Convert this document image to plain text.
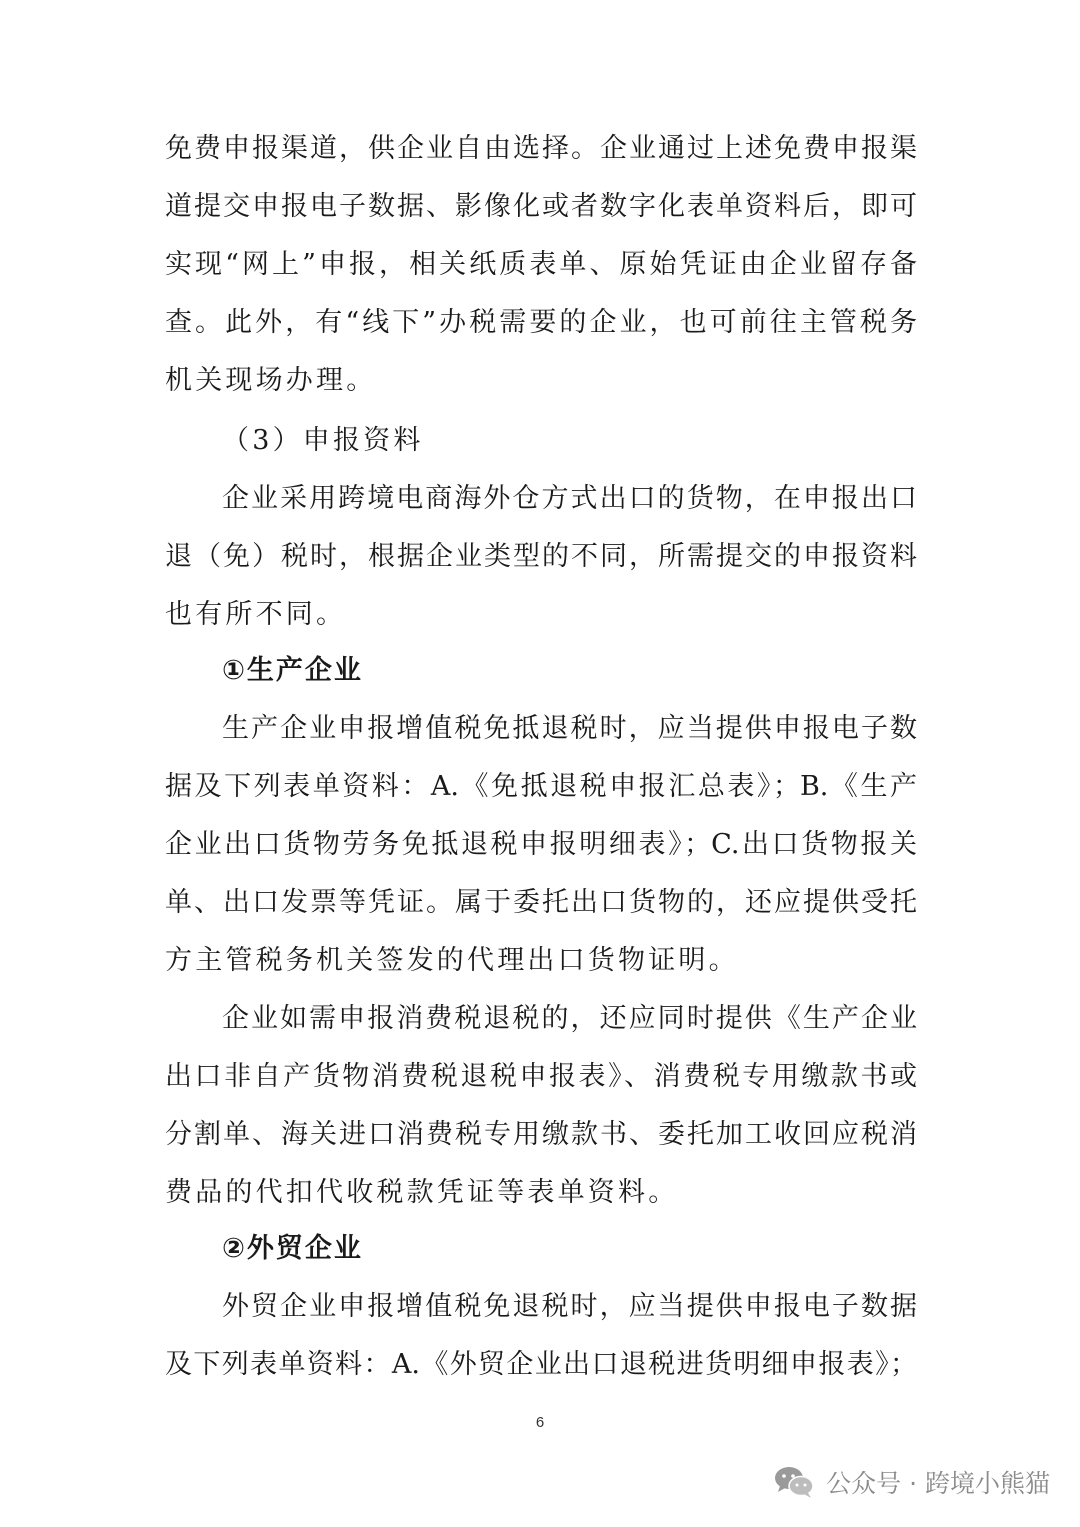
免费申报渠道，供企业自由选择。企业通过上述免费申报渠
道提交申报电子数据、影像化或者数字化表单资料后，即可
实现“网上”申报，相关纸质表单、原始凭证由企业留存备
查。此外，有“线下”办税需要的企业，也可前往主管税务
机关现场办理。
（3）申报资料
企业采用跨境电商海外仓方式出口的货物，在申报出口
退（免）税时，根据企业类型的不同，所需提交的申报资料
也有所不同。
①生产企业
生产企业申报增值税免抵退税时，应当提供申报电子数
据及下列表单资料：A.《免抵退税申报汇总表》；B.《生产
企业出口货物劳务免抵退税申报明细表》；C.出口货物报关
单、出口发票等凭证。属于委托出口货物的，还应提供受托
方主管税务机关签发的代理出口货物证明。
企业如需申报消费税退税的，还应同时提供《生产企业
出口非自产货物消费税退税申报表》、消费税专用缴款书或
分割单、海关进口消费税专用缴款书、委托加工收回应税消
费品的代扣代收税款凭证等表单资料。
②外贸企业
外贸企业申报增值税免退税时，应当提供申报电子数据
及下列表单资料：A.《外贸企业出口退税进货明细申报表》；
6
公众号 · 跨境小熊猫
